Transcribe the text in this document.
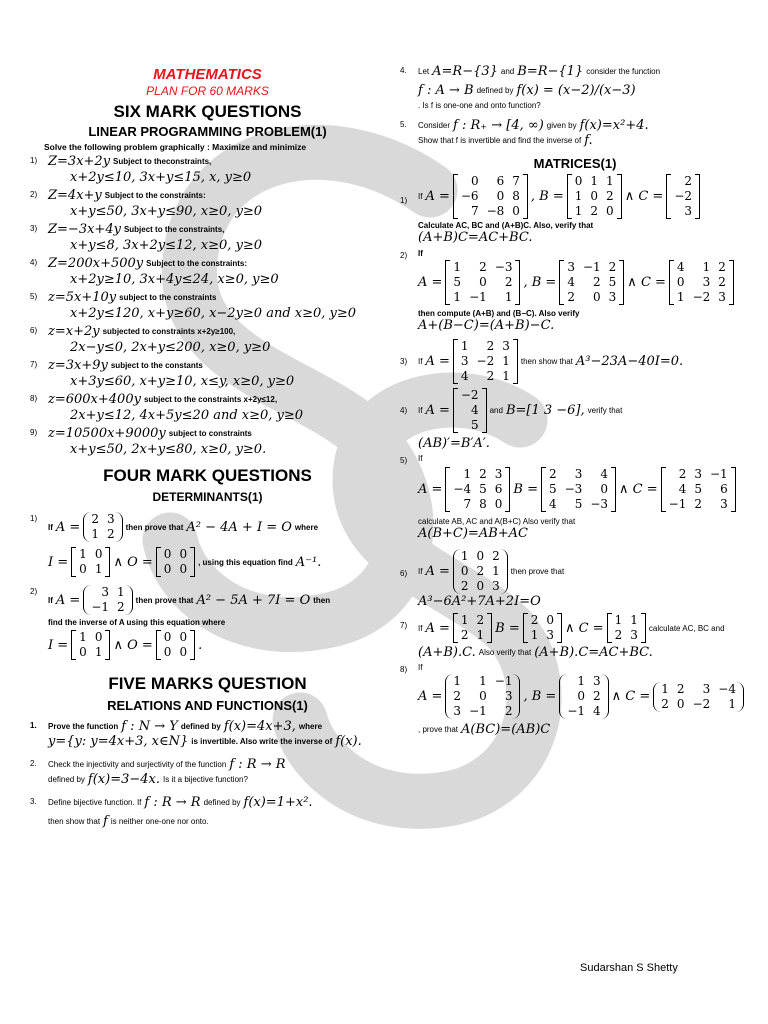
MATHEMATICS
PLAN FOR 60 MARKS
SIX MARK QUESTIONS
LINEAR PROGRAMMING PROBLEM(1)
Solve the following problem graphically : Maximize and minimize
1) Z=3x+2y Subject to theconstraints,
x+2y≤10, 3x+y≤15, x, y≥0
2) Z=4x+y Subject to the constraints:
x+y≤50, 3x+y≤90, x≥0, y≥0
3) Z=−3x+4y Subject to the constraints,
x+y≤8, 3x+2y≤12, x≥0, y≥0
4) Z=200x+500y Subject to the constraints:
x+2y≥10, 3x+4y≤24, x≥0, y≥0
5) z=5x+10y subject to the constraints
x+2y≤120, x+y≥60, x−2y≥0 and x≥0, y≥0
6) z=x+2y subjected to constraints x+2y≥100,
2x−y≤0, 2x+y≤200, x≥0, y≥0
7) z=3x+9y subject to the constants
x+3y≤60, x+y≥10, x≤y, x≥0, y≥0
8) z=600x+400y subject to the constraints x+2y≤12,
2x+y≤12, 4x+5y≤20 and x≥0, y≥0
9) z=10500x+9000y subject to constraints
x+y≤50, 2x+y≤80, x≥0, y≥0.
FOUR MARK QUESTIONS
DETERMINANTS(1)
1)
If A =
2	3
1	2 then prove that A² − 4A + I = O where
I =
1	0
0	1 ∧ O =
0	0
0	0 , using this equation find A⁻¹.
2)
If A =
3	1
−1	2 then prove that A² − 5A + 7I = O then
find the inverse of A using this equation where
I =
1	0
0	1 ∧ O =
0	0
0	0 .
FIVE MARKS QUESTION
RELATIONS AND FUNCTIONS(1)
1. Prove the function f : N → Y defined by f(x)=4x+3, where
y={y: y=4x+3, x∈N} is invertible. Also write the inverse of f(x).
2. Check the injectivity and surjectivity of the function f : R → R
defined by f(x)=3−4x. Is it a bijective function?
3. Define bijective function. If f : R → R defined by f(x)=1+x².
then show that f is neither one-one nor onto.
4. Let A=R−{3} and B=R−{1} consider the function
f : A → B defined by f(x) = (x−2)/(x−3)
. Is f is one-one and onto function?
5. Consider f : R₊ → [4, ∞) given by f(x)=x²+4.
Show that f is invertible and find the inverse of f.
MATRICES(1)
1) If A =
0	6	7
−6	0	8
7	−8	0
, B =
0	1	1
1	0	2
1	2	0
∧ C =
2
−2
3
Calculate AC, BC and (A+B)C. Also, verify that
(A+B)C=AC+BC.
2) If
A =
1	2	−3
5	0	2
1	−1	1
, B =
3	−1	2
4	2	5
2	0	3
∧ C =
4	1	2
0	3	2
1	−2	3
then compute (A+B) and (B−C). Also verify
A+(B−C)=(A+B)−C.
3) If A =
1	2	3
3	−2	1
4	2	1
then show that A³−23A−40I=0.
4) If A =
−2
4
5
and B=[1 3 −6], verify that
(AB)′=B′A′.
5) If
A =
1	2	3
−4	5	6
7	8	0
B =
2	3	4
5	−3	0
4	5	−3
∧ C =
2	3	−1
4	5	6
−1	2	3
calculate AB, AC and A(B+C) Also verify that
A(B+C)=AB+AC
6) If A =
1	0	2
0	2	1
2	0	3
then prove that
A³−6A²+7A+2I=O
7) If A =
1	2
2	1 B =
2	0
1	3 ∧ C =
1	1
2	3 calculate AC, BC and
(A+B).C. Also verify that (A+B).C=AC+BC.
8) If
A =
1	1	−1
2	0	3
3	−1	2
, B =
1	3
0	2
−1	4
∧ C =
1	2	3	−4
2	0	−2	1
, prove that A(BC)=(AB)C
Sudarshan S Shetty
